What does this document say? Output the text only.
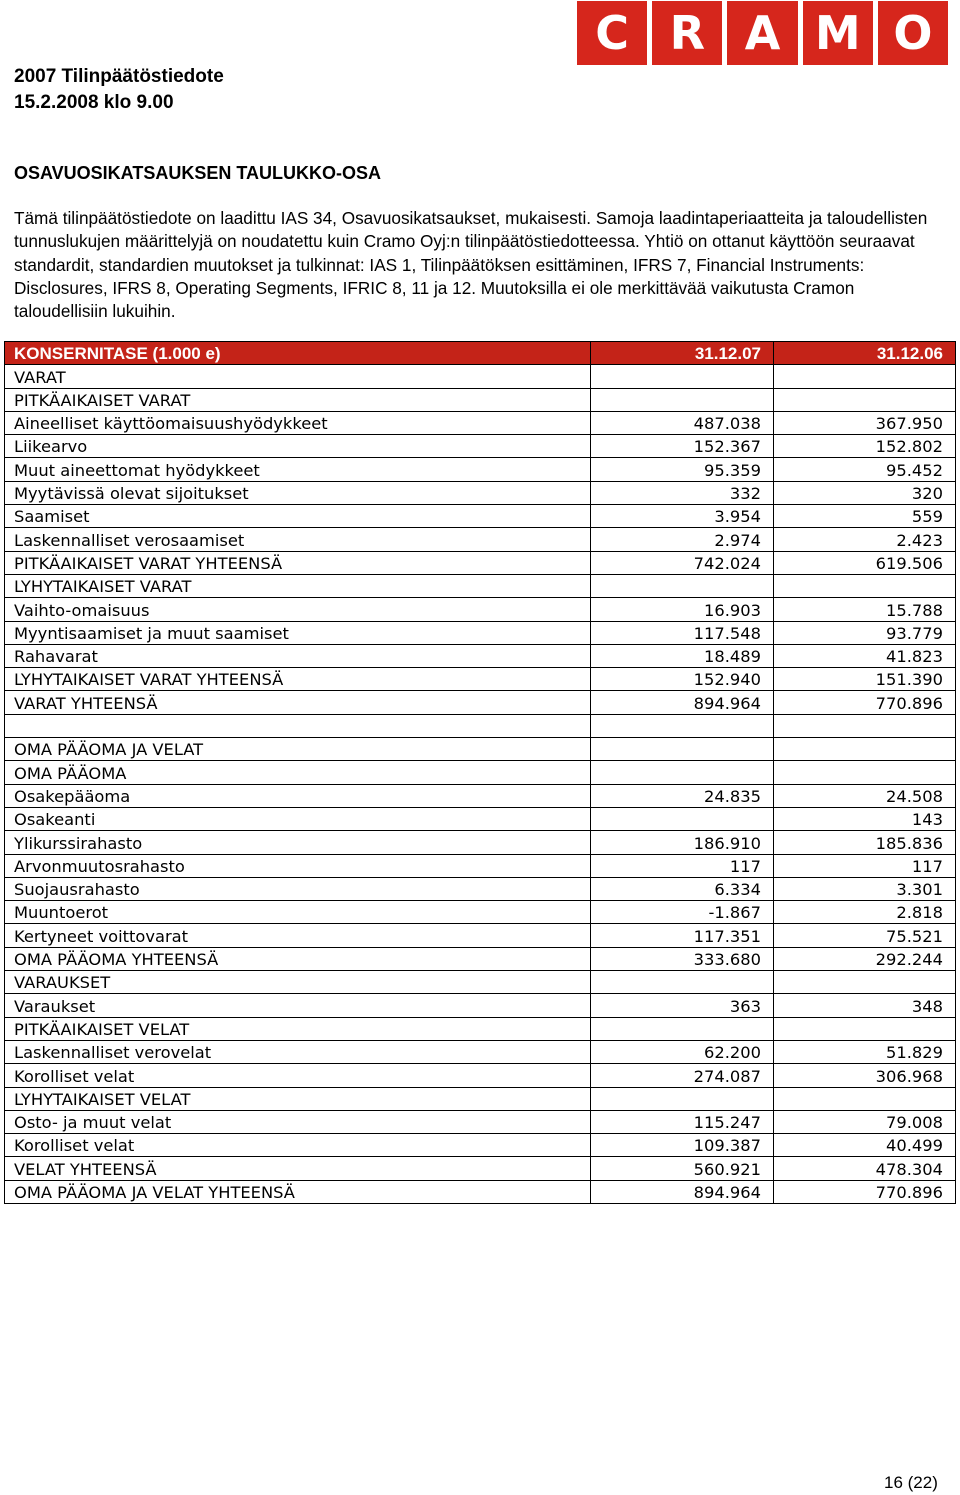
C R A M O
2007 Tilinpäätöstiedote
15.2.2008 klo 9.00
OSAVUOSIKATSAUKSEN TAULUKKO-OSA

Tämä tilinpäätöstiedote on laadittu IAS 34, Osavuosikatsaukset, mukaisesti. Samoja laadintaperiaatteita ja taloudellisten tunnuslukujen määrittelyjä on noudatettu kuin Cramo Oyj:n tilinpäätöstiedotteessa. Yhtiö on ottanut käyttöön seuraavat standardit, standardien muutokset ja tulkinnat: IAS 1, Tilinpäätöksen esittäminen, IFRS 7, Financial Instruments: Disclosures, IFRS 8, Operating Segments, IFRIC 8, 11 ja 12. Muutoksilla ei ole merkittävää vaikutusta Cramon taloudellisiin lukuihin.

KONSERNITASE (1.000 e)	31.12.07	31.12.06
VARAT		
PITKÄAIKAISET VARAT		
Aineelliset käyttöomaisuushyödykkeet	487.038	367.950
Liikearvo	152.367	152.802
Muut aineettomat hyödykkeet	95.359	95.452
Myytävissä olevat sijoitukset	332	320
Saamiset	3.954	559
Laskennalliset verosaamiset	2.974	2.423
PITKÄAIKAISET VARAT YHTEENSÄ	742.024	619.506
LYHYTAIKAISET VARAT		
Vaihto-omaisuus	16.903	15.788
Myyntisaamiset ja muut saamiset	117.548	93.779
Rahavarat	18.489	41.823
LYHYTAIKAISET VARAT YHTEENSÄ	152.940	151.390
VARAT YHTEENSÄ	894.964	770.896

OMA PÄÄOMA JA VELAT		
OMA PÄÄOMA		
Osakepääoma	24.835	24.508
Osakeanti		143
Ylikurssirahasto	186.910	185.836
Arvonmuutosrahasto	117	117
Suojausrahasto	6.334	3.301
Muuntoerot	-1.867	2.818
Kertyneet voittovarat	117.351	75.521
OMA PÄÄOMA YHTEENSÄ	333.680	292.244
VARAUKSET		
Varaukset	363	348
PITKÄAIKAISET VELAT		
Laskennalliset verovelat	62.200	51.829
Korolliset velat	274.087	306.968
LYHYTAIKAISET VELAT		
Osto- ja muut velat	115.247	79.008
Korolliset velat	109.387	40.499
VELAT YHTEENSÄ	560.921	478.304
OMA PÄÄOMA JA VELAT YHTEENSÄ	894.964	770.896
16 (22)
